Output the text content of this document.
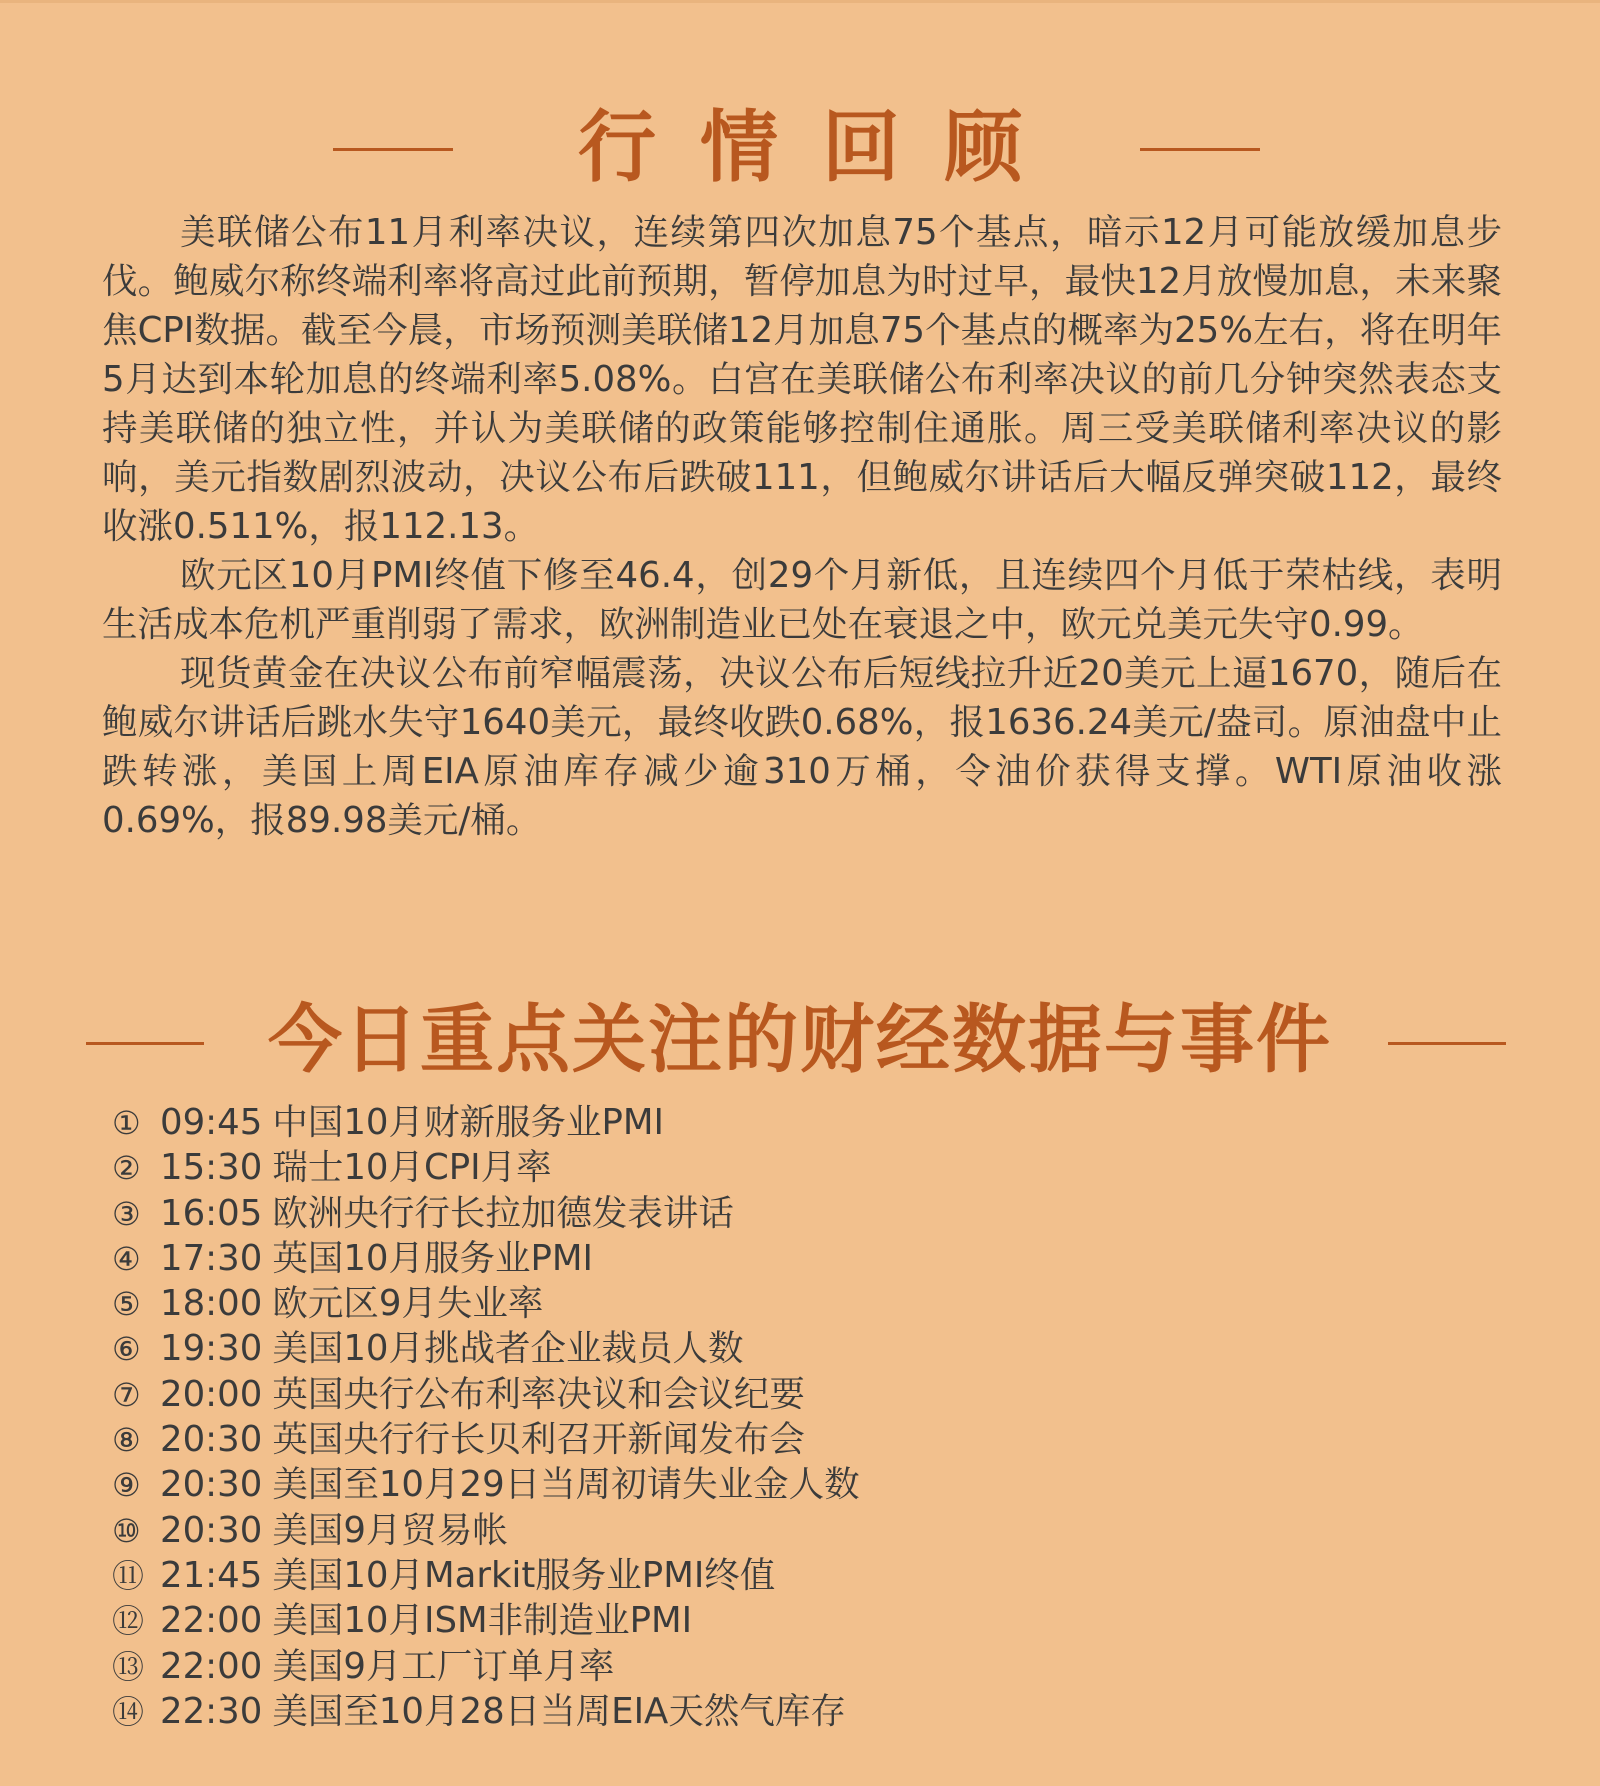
行情回顾

美联储公布11月利率决议，连续第四次加息75个基点，暗示12月可能放缓加息步伐。鲍威尔称终端利率将高过此前预期，暂停加息为时过早，最快12月放慢加息，未来聚焦CPI数据。截至今晨，市场预测美联储12月加息75个基点的概率为25%左右，将在明年5月达到本轮加息的终端利率5.08%。白宫在美联储公布利率决议的前几分钟突然表态支持美联储的独立性，并认为美联储的政策能够控制住通胀。周三受美联储利率决议的影响，美元指数剧烈波动，决议公布后跌破111，但鲍威尔讲话后大幅反弹突破112，最终收涨0.511%，报112.13。

欧元区10月PMI终值下修至46.4，创29个月新低，且连续四个月低于荣枯线，表明生活成本危机严重削弱了需求，欧洲制造业已处在衰退之中，欧元兑美元失守0.99。

现货黄金在决议公布前窄幅震荡，决议公布后短线拉升近20美元上逼1670，随后在鲍威尔讲话后跳水失守1640美元，最终收跌0.68%，报1636.24美元/盎司。原油盘中止跌转涨，美国上周EIA原油库存减少逾310万桶，令油价获得支撑。WTI原油收涨0.69%，报89.98美元/桶。

今日重点关注的财经数据与事件
① 09:45 中国10月财新服务业PMI
② 15:30 瑞士10月CPI月率
③ 16:05 欧洲央行行长拉加德发表讲话
④ 17:30 英国10月服务业PMI
⑤ 18:00 欧元区9月失业率
⑥ 19:30 美国10月挑战者企业裁员人数
⑦ 20:00 英国央行公布利率决议和会议纪要
⑧ 20:30 英国央行行长贝利召开新闻发布会
⑨ 20:30 美国至10月29日当周初请失业金人数
⑩ 20:30 美国9月贸易帐
⑪ 21:45 美国10月Markit服务业PMI终值
⑫ 22:00 美国10月ISM非制造业PMI
⑬ 22:00 美国9月工厂订单月率
⑭ 22:30 美国至10月28日当周EIA天然气库存
